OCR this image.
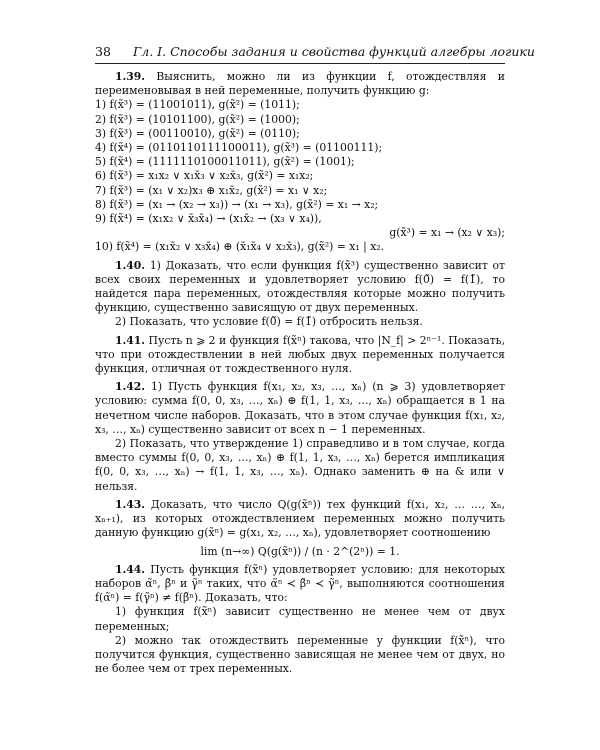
38 Гл. I. Способы задания и свойства функций алгебры логики

1.39. Выяснить, можно ли из функции f, отождествляя и переименовывая в ней переменные, получить функцию g:

1) f(x̃³) = (11001011), g(x̃²) = (1011);

2) f(x̃³) = (10101100), g(x̃²) = (1000);

3) f(x̃³) = (00110010), g(x̃²) = (0110);

4) f(x̃⁴) = (0110110111100011), g(x̃³) = (01100111);

5) f(x̃⁴) = (1111110100011011), g(x̃²) = (1001);

6) f(x̃³) = x₁x₂ ∨ x₁x̄₃ ∨ x₂x̄₃, g(x̃²) = x₁x₂;

7) f(x̃³) = (x₁ ∨ x₂)x₃ ⊕ x₁x̄₂, g(x̃²) = x₁ ∨ x₂;

8) f(x̃³) = (x₁ → (x₂ → x₃)) → (x₁ → x₃), g(x̃²) = x₁ → x₂;

9) f(x̃⁴) = (x₁x₂ ∨ x̄₃x̄₄) → (x₁x̄₂ → (x₃ ∨ x₄)),

g(x̃³) = x₁ → (x₂ ∨ x₃);

10) f(x̃⁴) = (x₁x̄₂ ∨ x₃x̄₄) ⊕ (x̄₁x̄₄ ∨ x₂x̄₃), g(x̃²) = x₁ | x₂.

1.40. 1) Доказать, что если функция f(x̃³) существенно зависит от всех своих переменных и удовлетворяет условию f(0̃) = f(1̃), то найдется пара переменных, отождествляя которые можно получить функцию, существенно зависящую от двух переменных.

2) Показать, что условие f(0̃) = f(1̃) отбросить нельзя.

1.41. Пусть n ⩾ 2 и функция f(x̃ⁿ) такова, что |N_f| > 2ⁿ⁻¹. Показать, что при отождествлении в ней любых двух переменных получается функция, отличная от тождественного нуля.

1.42. 1) Пусть функция f(x₁, x₂, x₃, …, xₙ) (n ⩾ 3) удовлетворяет условию: сумма f(0, 0, x₃, …, xₙ) ⊕ f(1, 1, x₃, …, xₙ) обращается в 1 на нечетном числе наборов. Доказать, что в этом случае функция f(x₁, x₂, x₃, …, xₙ) существенно зависит от всех n − 1 переменных.

2) Показать, что утверждение 1) справедливо и в том случае, когда вместо суммы f(0, 0, x₃, …, xₙ) ⊕ f(1, 1, x₃, …, xₙ) берется импликация f(0, 0, x₃, …, xₙ) → f(1, 1, x₃, …, xₙ). Однако заменить ⊕ на & или ∨ нельзя.

1.43. Доказать, что число Q(g(x̃ⁿ)) тех функций f(x₁, x₂, … …, xₙ, xₙ₊₁), из которых отождествлением переменных можно получить данную функцию g(x̃ⁿ) = g(x₁, x₂, …, xₙ), удовлетворяет соотношению

lim (n→∞) Q(g(x̃ⁿ)) / (n · 2^(2ⁿ)) = 1.

1.44. Пусть функция f(x̃ⁿ) удовлетворяет условию: для некоторых наборов α̃ⁿ, β̃ⁿ и γ̃ⁿ таких, что α̃ⁿ ≺ β̃ⁿ ≺ γ̃ⁿ, выполняются соотношения f(α̃ⁿ) = f(γ̃ⁿ) ≠ f(β̃ⁿ). Доказать, что:

1) функция f(x̃ⁿ) зависит существенно не менее чем от двух переменных;

2) можно так отождествить переменные у функции f(x̃ⁿ), что получится функция, существенно зависящая не менее чем от двух, но не более чем от трех переменных.
